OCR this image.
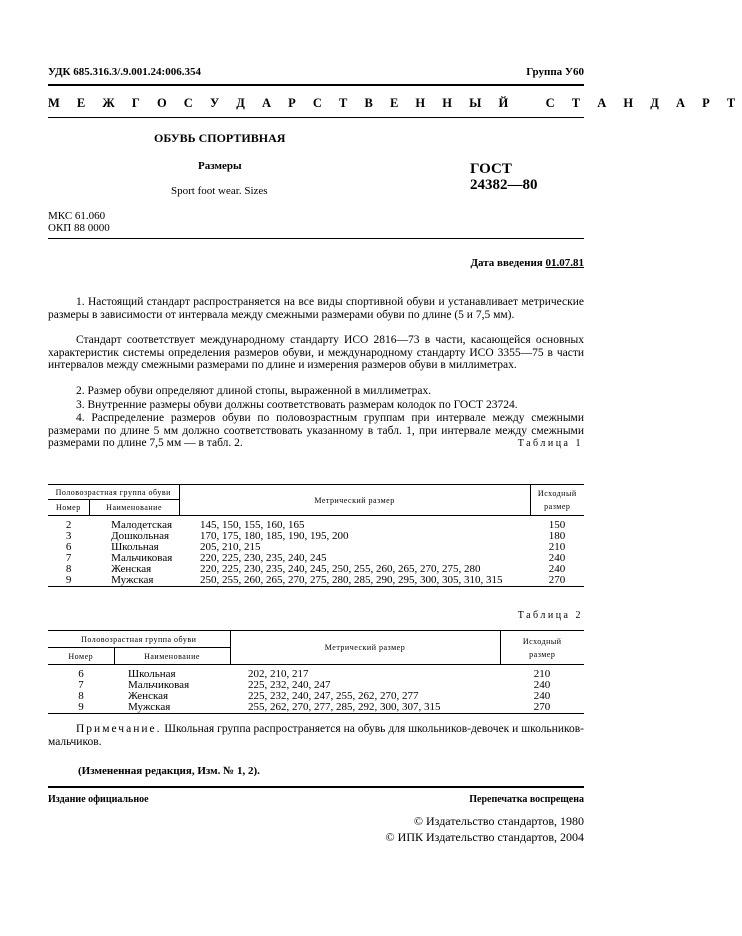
УДК 685.316.3/.9.001.24:006.354	Группа У60
М Е Ж Г О С У Д А Р С Т В Е Н Н Ы Й   С Т А Н Д А Р Т
ОБУВЬ СПОРТИВНАЯ
Размеры
Sport foot wear. Sizes
ГОСТ
24382—80
МКС 61.060
ОКП 88 0000
Дата введения 01.07.81
1. Настоящий стандарт распространяется на все виды спортивной обуви и устанавливает метрические размеры в зависимости от интервала между смежными размерами обуви по длине (5 и 7,5 мм).
Стандарт соответствует международному стандарту ИСО 2816—73 в части, касающейся основных характеристик системы определения размеров обуви, и международному стандарту ИСО 3355—75 в части интервалов между смежными размерами по длине и измерения размеров обуви в миллиметрах.
2. Размер обуви определяют длиной стопы, выраженной в миллиметрах.
3. Внутренние размеры обуви должны соответствовать размерам колодок по ГОСТ 23724.
4. Распределение размеров обуви по половозрастным группам при интервале между смежными размерами по длине 5 мм должно соответствовать указанному в табл. 1, при интервале между смежными размерами по длине 7,5 мм — в табл. 2.	Таблица 1
Половозрастная группа обуви		Метрический размер	Исходный
размер
Номер	Наименование		

2	Малодетская	145, 150, 155, 160, 165	150
3	Дошкольная	170, 175, 180, 185, 190, 195, 200	180
6	Школьная	205, 210, 215	210
7	Мальчиковая	220, 225, 230, 235, 240, 245	240
8	Женская	220, 225, 230, 235, 240, 245, 250, 255, 260, 265, 270, 275, 280	240
9	Мужская	250, 255, 260, 265, 270, 275, 280, 285, 290, 295, 300, 305, 310, 315	270
Таблица 2
Половозрастная группа обуви		Метрический размер	Исходный
размер
Номер	Наименование		

6	Школьная	202, 210, 217	210
7	Мальчиковая	225, 232, 240, 247	240
8	Женская	225, 232, 240, 247, 255, 262, 270, 277	240
9	Мужская	255, 262, 270, 277, 285, 292, 300, 307, 315	270
Примечание. Школьная группа распространяется на обувь для школьников-девочек и школьников-мальчиков.
(Измененная редакция, Изм. № 1, 2).
Издание официальное	Перепечатка воспрещена
© Издательство стандартов, 1980
© ИПК Издательство стандартов, 2004
